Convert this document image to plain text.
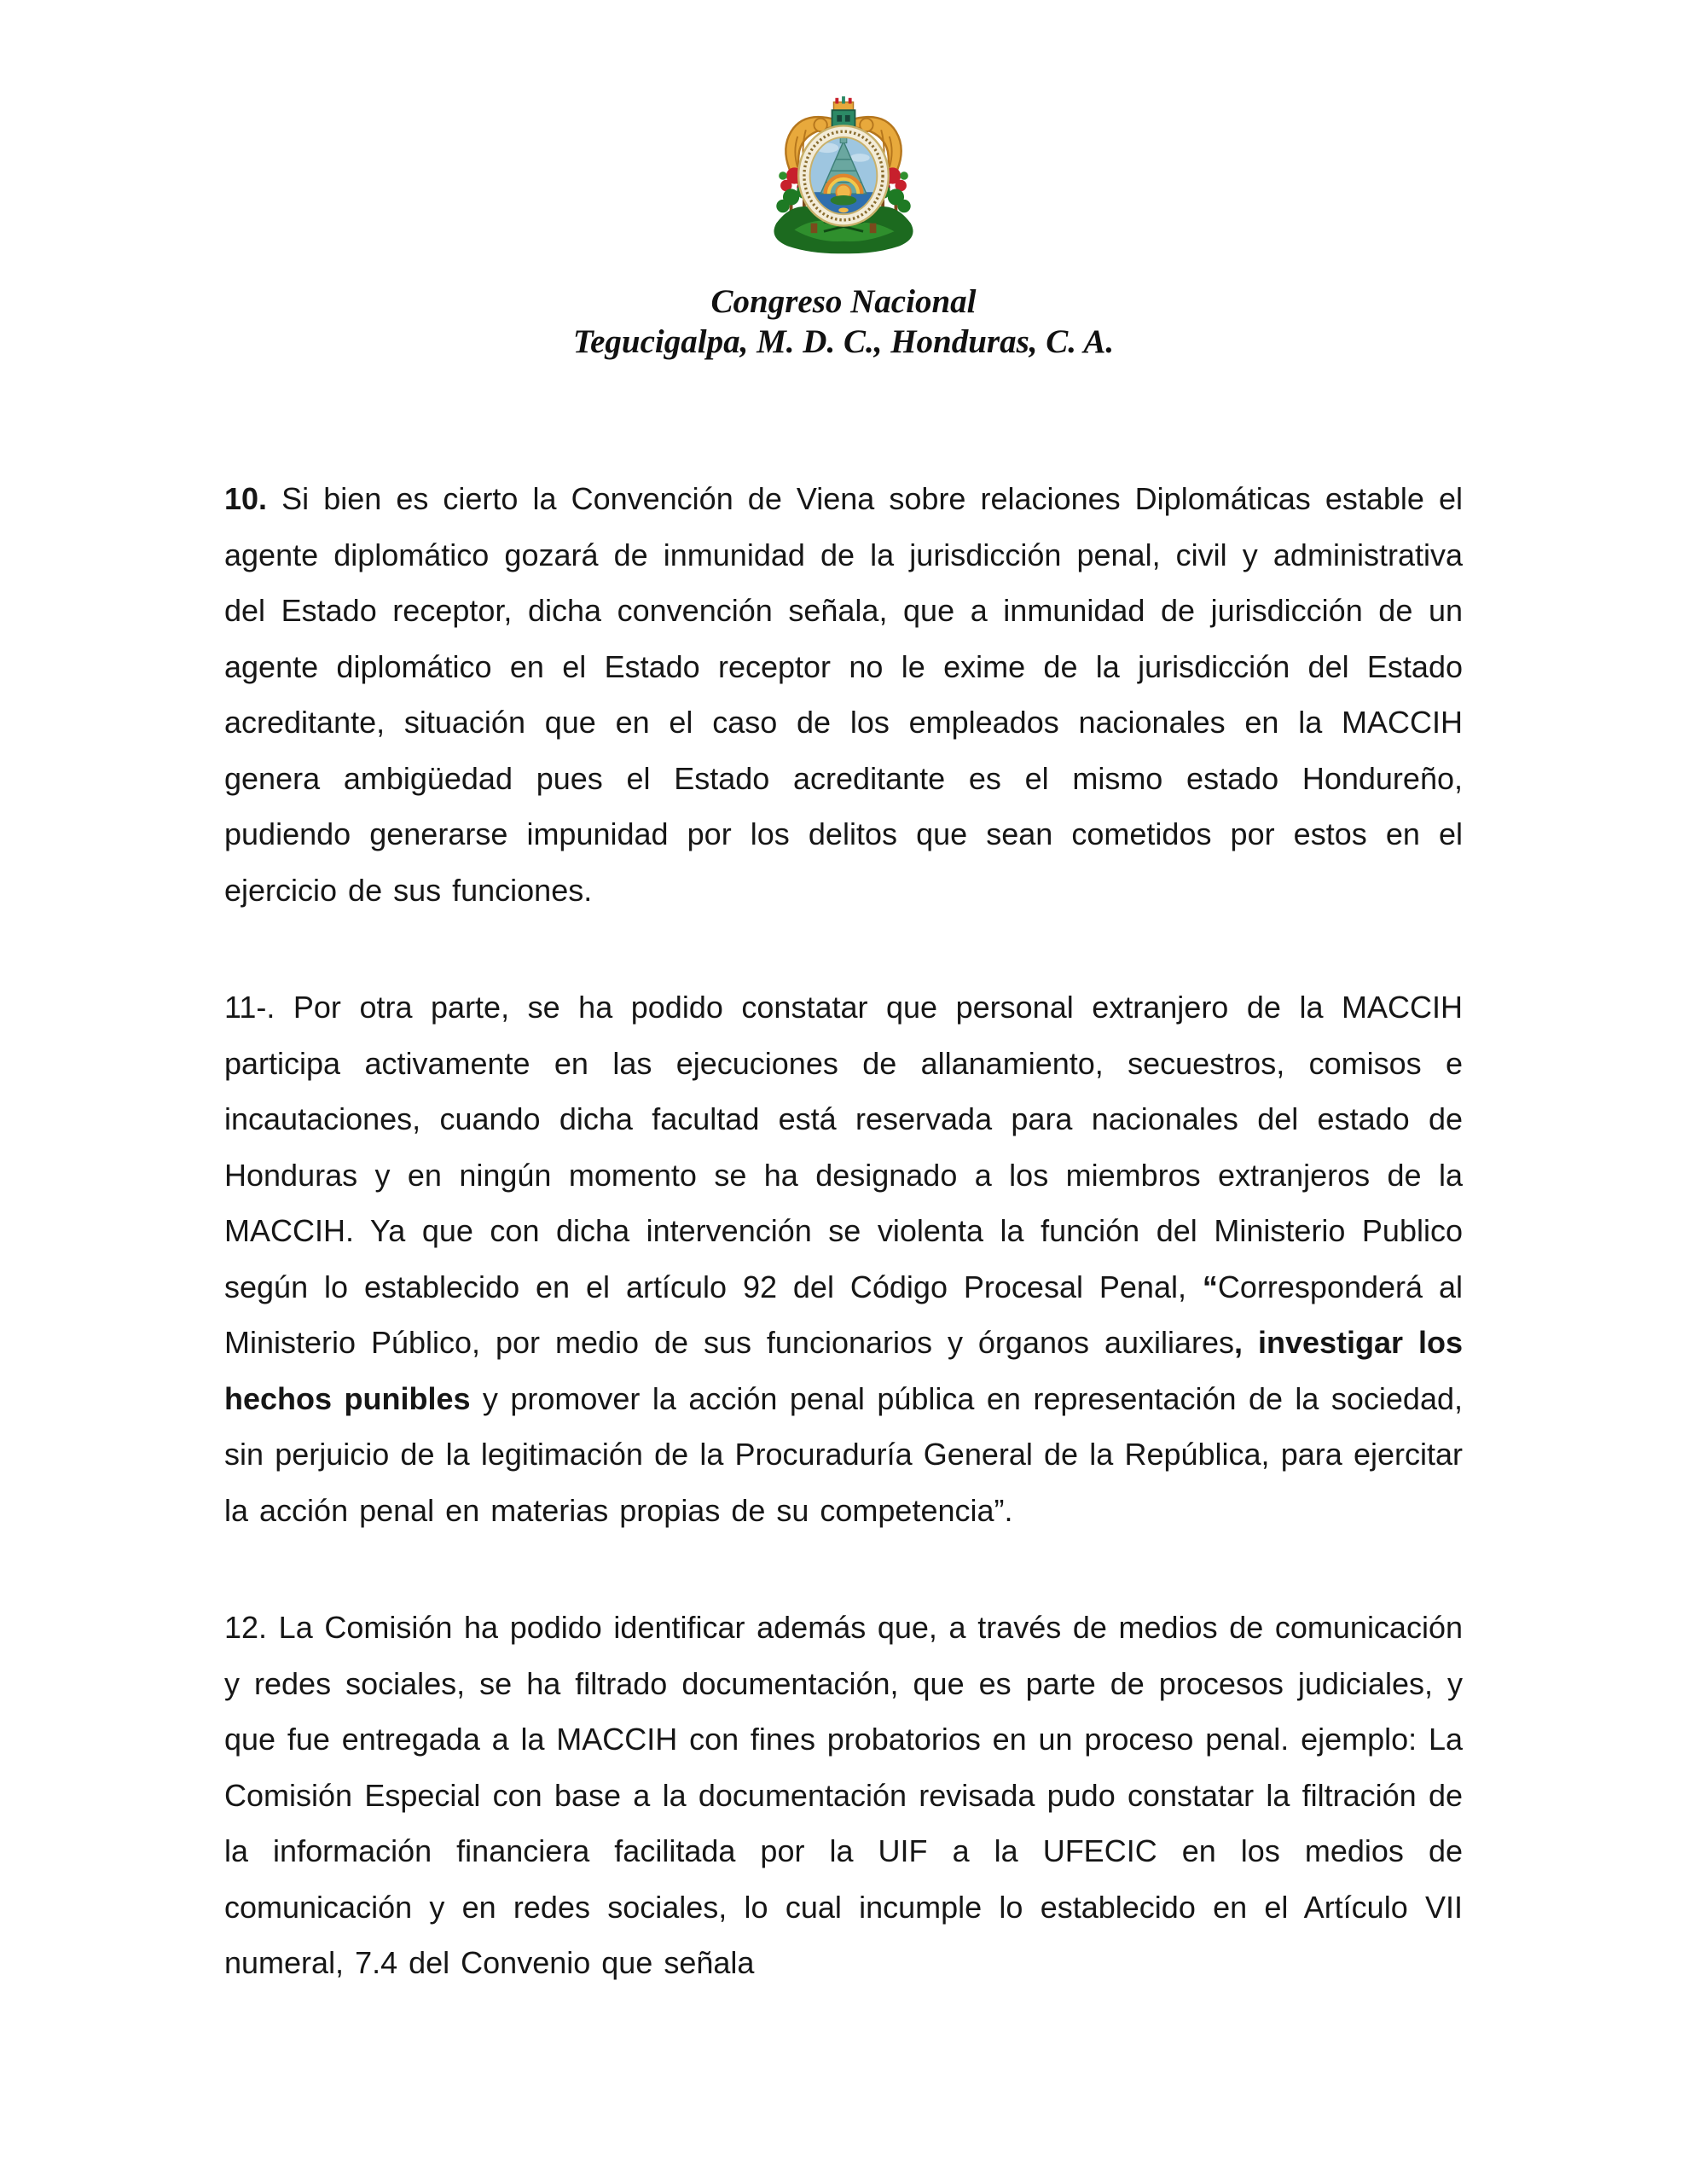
Congreso Nacional
Tegucigalpa, M. D. C., Honduras, C. A.

10. Si bien es cierto la Convención de Viena sobre relaciones Diplomáticas estable el agente diplomático gozará de inmunidad de la jurisdicción penal, civil y administrativa del Estado receptor, dicha convención señala, que a inmunidad de jurisdicción de un agente diplomático en el Estado receptor no le exime de la jurisdicción del Estado acreditante, situación que en el caso de los empleados nacionales en la MACCIH genera ambigüedad pues el Estado acreditante es el mismo estado Hondureño, pudiendo generarse impunidad por los delitos que sean cometidos por estos en el ejercicio de sus funciones.

11-. Por otra parte, se ha podido constatar que personal extranjero de la MACCIH participa activamente en las ejecuciones de allanamiento, secuestros, comisos e incautaciones, cuando dicha facultad está reservada para nacionales del estado de Honduras y en ningún momento se ha designado a los miembros extranjeros de la MACCIH. Ya que con dicha intervención se violenta la función del Ministerio Publico según lo establecido en el artículo 92 del Código Procesal Penal, “Corresponderá al Ministerio Público, por medio de sus funcionarios y órganos auxiliares, investigar los hechos punibles y promover la acción penal pública en representación de la sociedad, sin perjuicio de la legitimación de la Procuraduría General de la República, para ejercitar la acción penal en materias propias de su competencia”.

12. La Comisión ha podido identificar además que, a través de medios de comunicación y redes sociales, se ha filtrado documentación, que es parte de procesos judiciales, y que fue entregada a la MACCIH con fines probatorios en un proceso penal. ejemplo: La Comisión Especial con base a la documentación revisada pudo constatar la filtración de la información financiera facilitada por la UIF a la UFECIC en los medios de comunicación y en redes sociales, lo cual incumple lo establecido en el Artículo VII numeral, 7.4 del Convenio que señala
